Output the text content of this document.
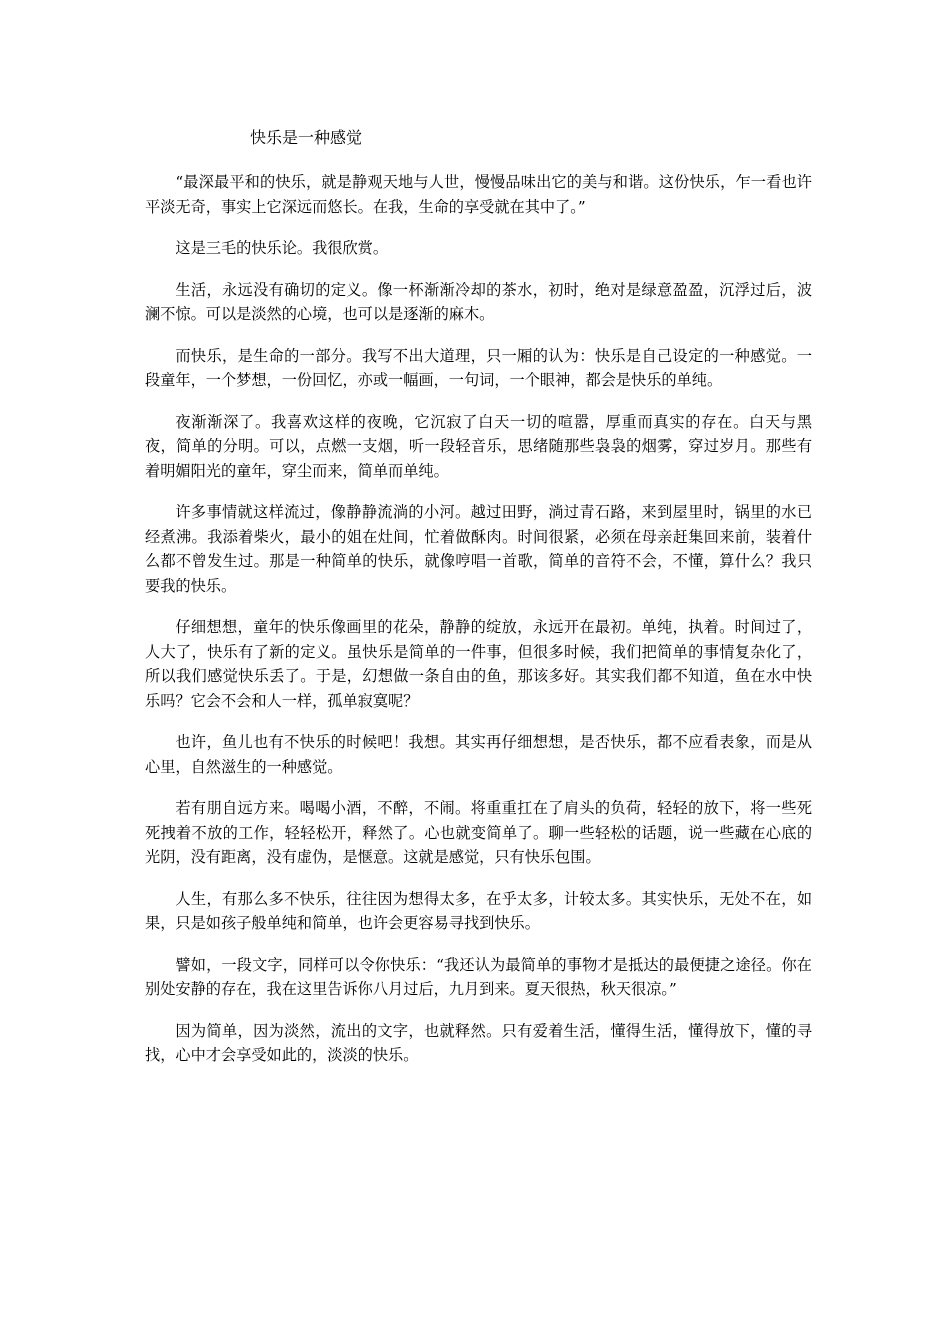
快乐是一种感觉

“最深最平和的快乐，就是静观天地与人世，慢慢品味出它的美与和谐。这份快乐，乍一看也许平淡无奇，事实上它深远而悠长。在我，生命的享受就在其中了。”

这是三毛的快乐论。我很欣赏。

生活，永远没有确切的定义。像一杯渐渐冷却的茶水，初时，绝对是绿意盈盈，沉浮过后，波澜不惊。可以是淡然的心境，也可以是逐渐的麻木。

而快乐，是生命的一部分。我写不出大道理，只一厢的认为：快乐是自己设定的一种感觉。一段童年，一个梦想，一份回忆，亦或一幅画，一句词，一个眼神，都会是快乐的单纯。

夜渐渐深了。我喜欢这样的夜晚，它沉寂了白天一切的喧嚣，厚重而真实的存在。白天与黑夜，简单的分明。可以，点燃一支烟，听一段轻音乐，思绪随那些袅袅的烟雾，穿过岁月。那些有着明媚阳光的童年，穿尘而来，简单而单纯。

许多事情就这样流过，像静静流淌的小河。越过田野，淌过青石路，来到屋里时，锅里的水已经煮沸。我添着柴火，最小的姐在灶间，忙着做酥肉。时间很紧，必须在母亲赶集回来前，装着什么都不曾发生过。那是一种简单的快乐，就像哼唱一首歌，简单的音符不会，不懂，算什么？我只要我的快乐。

仔细想想，童年的快乐像画里的花朵，静静的绽放，永远开在最初。单纯，执着。时间过了，人大了，快乐有了新的定义。虽快乐是简单的一件事，但很多时候，我们把简单的事情复杂化了，所以我们感觉快乐丢了。于是，幻想做一条自由的鱼，那该多好。其实我们都不知道，鱼在水中快乐吗？它会不会和人一样，孤单寂寞呢？

也许，鱼儿也有不快乐的时候吧！我想。其实再仔细想想，是否快乐，都不应看表象，而是从心里，自然滋生的一种感觉。

若有朋自远方来。喝喝小酒，不醉，不闹。将重重扛在了肩头的负荷，轻轻的放下，将一些死死拽着不放的工作，轻轻松开，释然了。心也就变简单了。聊一些轻松的话题，说一些藏在心底的光阴，没有距离，没有虚伪，是惬意。这就是感觉，只有快乐包围。

人生，有那么多不快乐，往往因为想得太多，在乎太多，计较太多。其实快乐，无处不在，如果，只是如孩子般单纯和简单，也许会更容易寻找到快乐。

譬如，一段文字，同样可以令你快乐：“我还认为最简单的事物才是抵达的最便捷之途径。你在别处安静的存在，我在这里告诉你八月过后，九月到来。夏天很热，秋天很凉。”

因为简单，因为淡然，流出的文字，也就释然。只有爱着生活，懂得生活，懂得放下，懂的寻找，心中才会享受如此的，淡淡的快乐。
